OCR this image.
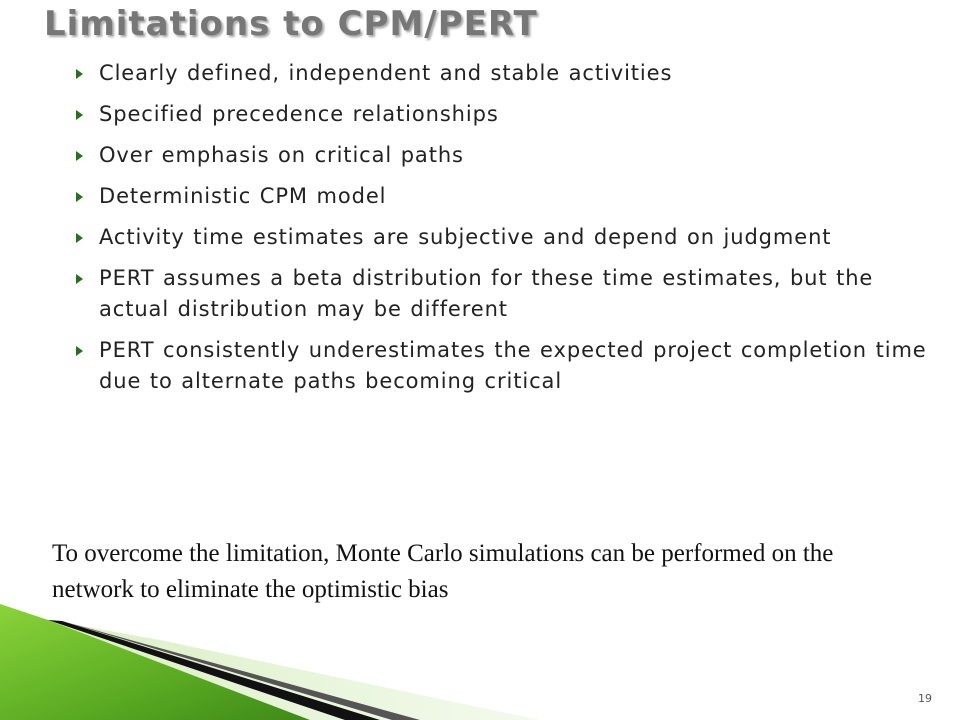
Limitations to CPM/PERT
Clearly defined, independent and stable activities
Specified precedence relationships
Over emphasis on critical paths
Deterministic CPM model
Activity time estimates are subjective and depend on judgment
PERT assumes a beta distribution for these time estimates, but the actual distribution may be different
PERT consistently underestimates the expected project completion time due to alternate paths becoming critical
To overcome the limitation, Monte Carlo simulations can be performed on the network to eliminate the optimistic bias
19
